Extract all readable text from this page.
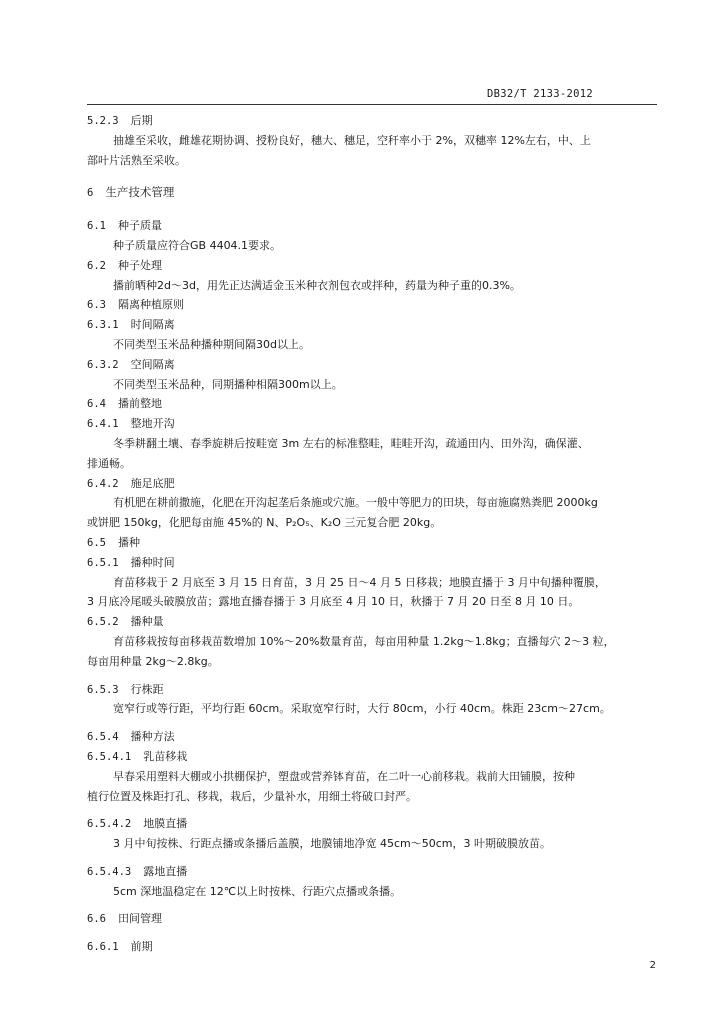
DB32/T 2133-2012
5.2.3 后期
抽雄至采收，雌雄花期协调、授粉良好，穗大、穗足，空秆率小于 2%，双穗率 12%左右，中、上
部叶片活熟至采收。
6 生产技术管理
6.1 种子质量
种子质量应符合GB 4404.1要求。
6.2 种子处理
播前晒种2d～3d，用先正达满适金玉米种衣剂包衣或拌种，药量为种子重的0.3%。
6.3 隔离种植原则
6.3.1 时间隔离
不同类型玉米品种播种期间隔30d以上。
6.3.2 空间隔离
不同类型玉米品种，同期播种相隔300m以上。
6.4 播前整地
6.4.1 整地开沟
冬季耕翻土壤、春季旋耕后按畦宽 3m 左右的标准整畦，畦畦开沟，疏通田内、田外沟，确保灌、
排通畅。
6.4.2 施足底肥
有机肥在耕前撒施，化肥在开沟起垄后条施或穴施。一般中等肥力的田块，每亩施腐熟粪肥 2000kg
或饼肥 150kg，化肥每亩施 45%的 N、P₂O₅、K₂O 三元复合肥 20kg。
6.5 播种
6.5.1 播种时间
育苗移栽于 2 月底至 3 月 15 日育苗，3 月 25 日～4 月 5 日移栽；地膜直播于 3 月中旬播种覆膜，
3 月底冷尾暖头破膜放苗；露地直播春播于 3 月底至 4 月 10 日，秋播于 7 月 20 日至 8 月 10 日。
6.5.2 播种量
育苗移栽按每亩移栽苗数增加 10%～20%数量育苗，每亩用种量 1.2kg～1.8kg；直播每穴 2～3 粒，
每亩用种量 2kg～2.8kg。
6.5.3 行株距
宽窄行或等行距，平均行距 60cm。采取宽窄行时，大行 80cm，小行 40cm。株距 23cm～27cm。
6.5.4 播种方法
6.5.4.1 乳苗移栽
早春采用塑料大棚或小拱棚保护，塑盘或营养钵育苗，在二叶一心前移栽。栽前大田铺膜，按种
植行位置及株距打孔、移栽，栽后，少量补水，用细土将破口封严。
6.5.4.2 地膜直播
3 月中旬按株、行距点播或条播后盖膜，地膜铺地净宽 45cm～50cm，3 叶期破膜放苗。
6.5.4.3 露地直播
5cm 深地温稳定在 12℃以上时按株、行距穴点播或条播。
6.6 田间管理
6.6.1 前期
2
